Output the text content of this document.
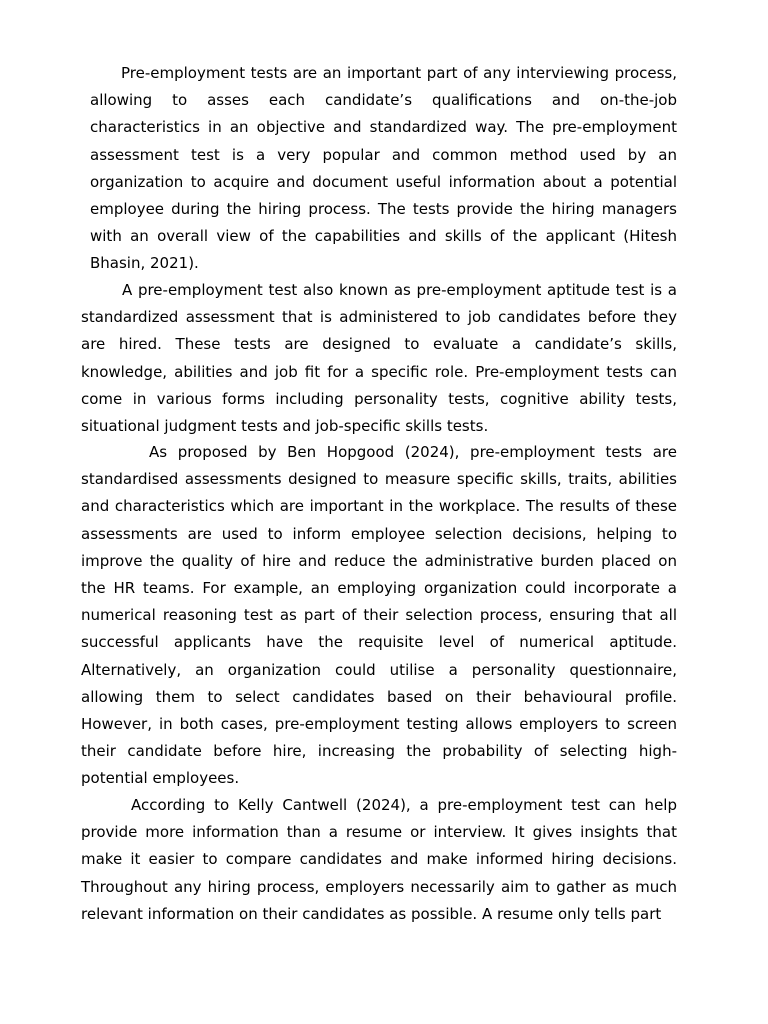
Pre-employment tests are an important part of any interviewing process, allowing to asses each candidate’s qualifications and on-the-job characteristics in an objective and standardized way. The pre-employment assessment test is a very popular and common method used by an organization to acquire and document useful information about a potential employee during the hiring process. The tests provide the hiring managers with an overall view of the capabilities and skills of the applicant (Hitesh Bhasin, 2021).

A pre-employment test also known as pre-employment aptitude test is a standardized assessment that is administered to job candidates before they are hired. These tests are designed to evaluate a candidate’s skills, knowledge, abilities and job fit for a specific role. Pre-employment tests can come in various forms including personality tests, cognitive ability tests, situational judgment tests and job-specific skills tests.

As proposed by Ben Hopgood (2024), pre-employment tests are standardised assessments designed to measure specific skills, traits, abilities and characteristics which are important in the workplace. The results of these assessments are used to inform employee selection decisions, helping to improve the quality of hire and reduce the administrative burden placed on the HR teams. For example, an employing organization could incorporate a numerical reasoning test as part of their selection process, ensuring that all successful applicants have the requisite level of numerical aptitude. Alternatively, an organization could utilise a personality questionnaire, allowing them to select candidates based on their behavioural profile. However, in both cases, pre-employment testing allows employers to screen their candidate before hire, increasing the probability of selecting high-potential employees.

According to Kelly Cantwell (2024), a pre-employment test can help provide more information than a resume or interview. It gives insights that make it easier to compare candidates and make informed hiring decisions. Throughout any hiring process, employers necessarily aim to gather as much relevant information on their candidates as possible. A resume only tells part
